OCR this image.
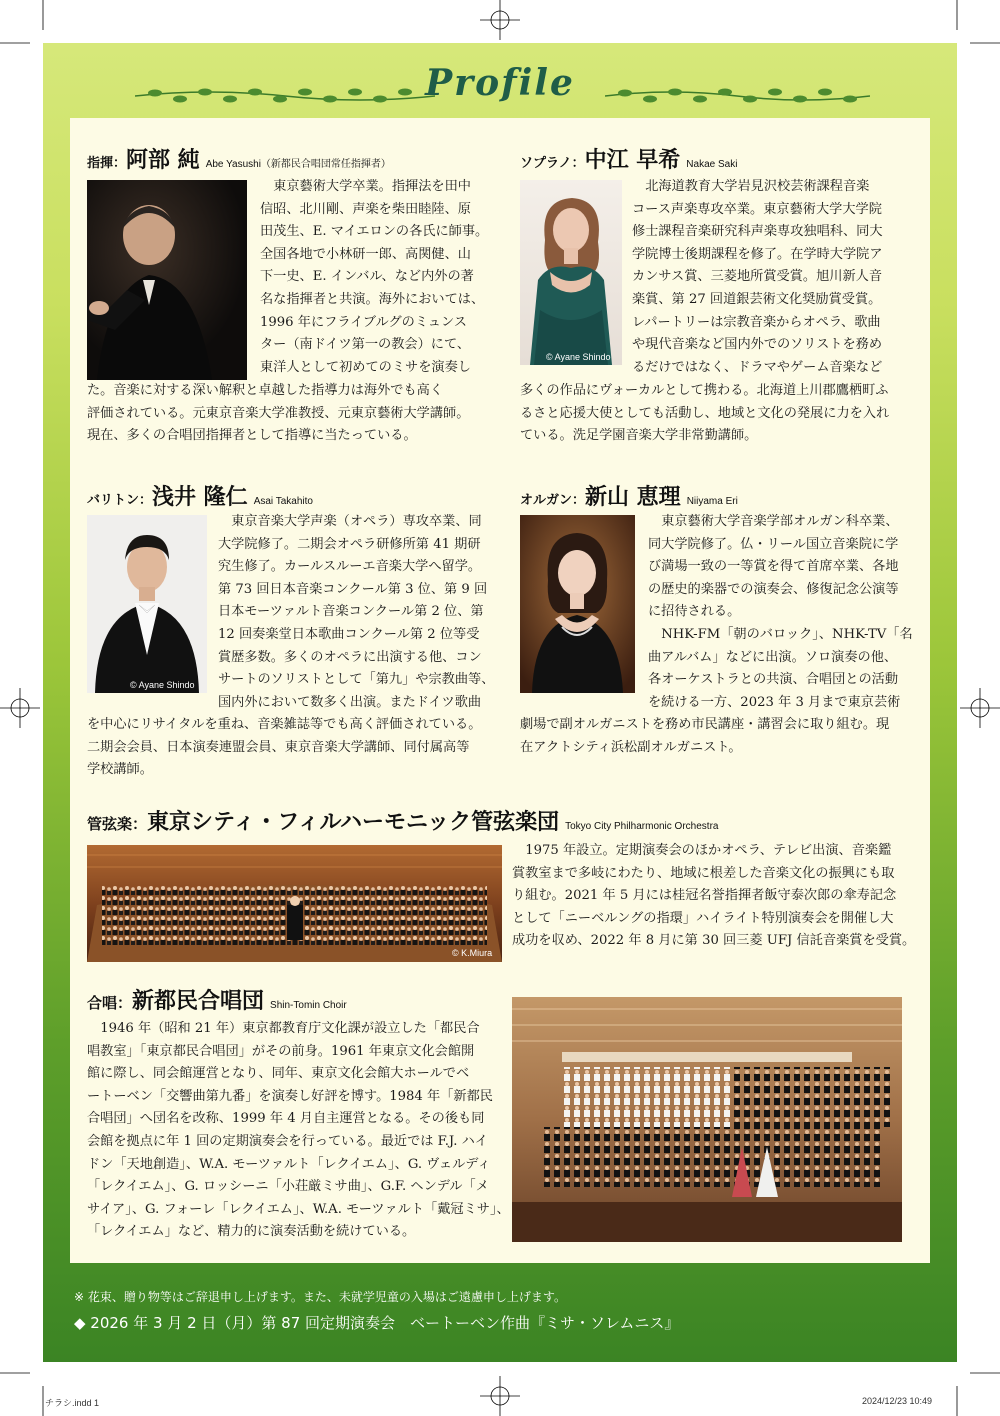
Profile
指揮：阿部 純 Abe Yasushi（新都民合唱団常任指揮者）
東京藝術大学卒業。指揮法を田中
信昭、北川剛、声楽を柴田睦陸、原
田茂生、E. マイエロンの各氏に師事。
全国各地で小林研一郎、高関健、山
下一史、E. インバル、など内外の著
名な指揮者と共演。海外においては、
1996 年にフライブルグのミュンス
ター（南ドイツ第一の教会）にて、
東洋人として初めてのミサを演奏し
た。音楽に対する深い解釈と卓越した指導力は海外でも高く
評価されている。元東京音楽大学准教授、元東京藝術大学講師。
現在、多くの合唱団指揮者として指導に当たっている。
ソプラノ：中江 早希 Nakae Saki
© Ayane Shindo
北海道教育大学岩見沢校芸術課程音楽
コース声楽専攻卒業。東京藝術大学大学院
修士課程音楽研究科声楽専攻独唱科、同大
学院博士後期課程を修了。在学時大学院ア
カンサス賞、三菱地所賞受賞。旭川新人音
楽賞、第 27 回道銀芸術文化奨励賞受賞。
レパートリーは宗教音楽からオペラ、歌曲
や現代音楽など国内外でのソリストを務め
るだけではなく、ドラマやゲーム音楽など
多くの作品にヴォーカルとして携わる。北海道上川郡鷹栖町ふ
るさと応援大使としても活動し、地域と文化の発展に力を入れ
ている。洗足学園音楽大学非常勤講師。
バリトン：浅井 隆仁 Asai Takahito
© Ayane Shindo
東京音楽大学声楽（オペラ）専攻卒業、同
大学院修了。二期会オペラ研修所第 41 期研
究生修了。カールスルーエ音楽大学へ留学。
第 73 回日本音楽コンクール第 3 位、第 9 回
日本モーツァルト音楽コンクール第 2 位、第
12 回奏楽堂日本歌曲コンクール第 2 位等受
賞歴多数。多くのオペラに出演する他、コン
サートのソリストとして「第九」や宗教曲等、
国内外において数多く出演。またドイツ歌曲
を中心にリサイタルを重ね、音楽雑誌等でも高く評価されている。
二期会会員、日本演奏連盟会員、東京音楽大学講師、同付属高等
学校講師。
オルガン：新山 恵理 Niiyama Eri
東京藝術大学音楽学部オルガン科卒業、
同大学院修了。仏・リール国立音楽院に学
び満場一致の一等賞を得て首席卒業、各地
の歴史的楽器での演奏会、修復記念公演等
に招待される。
NHK-FM「朝のバロック」、NHK-TV「名
曲アルバム」などに出演。ソロ演奏の他、
各オーケストラとの共演、合唱団との活動
を続ける一方、2023 年 3 月まで東京芸術
劇場で副オルガニストを務め市民講座・講習会に取り組む。現
在アクトシティ浜松副オルガニスト。
管弦楽：東京シティ・フィルハーモニック管弦楽団 Tokyo City Philharmonic Orchestra
© K.Miura
1975 年設立。定期演奏会のほかオペラ、テレビ出演、音楽鑑
賞教室まで多岐にわたり、地域に根差した音楽文化の振興にも取
り組む。2021 年 5 月には桂冠名誉指揮者飯守泰次郎の傘寿記念
として「ニーベルングの指環」ハイライト特別演奏会を開催し大
成功を収め、2022 年 8 月に第 30 回三菱 UFJ 信託音楽賞を受賞。
合唱：新都民合唱団 Shin-Tomin Choir
1946 年（昭和 21 年）東京都教育庁文化課が設立した「都民合
唱教室」「東京都民合唱団」がその前身。1961 年東京文化会館開
館に際し、同会館運営となり、同年、東京文化会館大ホールでベ
ートーベン「交響曲第九番」を演奏し好評を博す。1984 年「新都民
合唱団」へ団名を改称、1999 年 4 月自主運営となる。その後も同
会館を拠点に年 1 回の定期演奏会を行っている。最近では F.J. ハイ
ドン「天地創造」、W.A. モーツァルト「レクイエム」、G. ヴェルディ
「レクイエム」、G. ロッシーニ「小荘厳ミサ曲」、G.F. ヘンデル「メ
サイア」、G. フォーレ「レクイエム」、W.A. モーツァルト「戴冠ミサ」、
「レクイエム」など、精力的に演奏活動を続けている。
※ 花束、贈り物等はご辞退申し上げます。また、未就学児童の入場はご遠慮申し上げます。
◆ 2026 年 3 月 2 日（月）第 87 回定期演奏会　ベートーベン作曲『ミサ・ソレムニス』
チラシ.indd 1	2024/12/23 10:49
